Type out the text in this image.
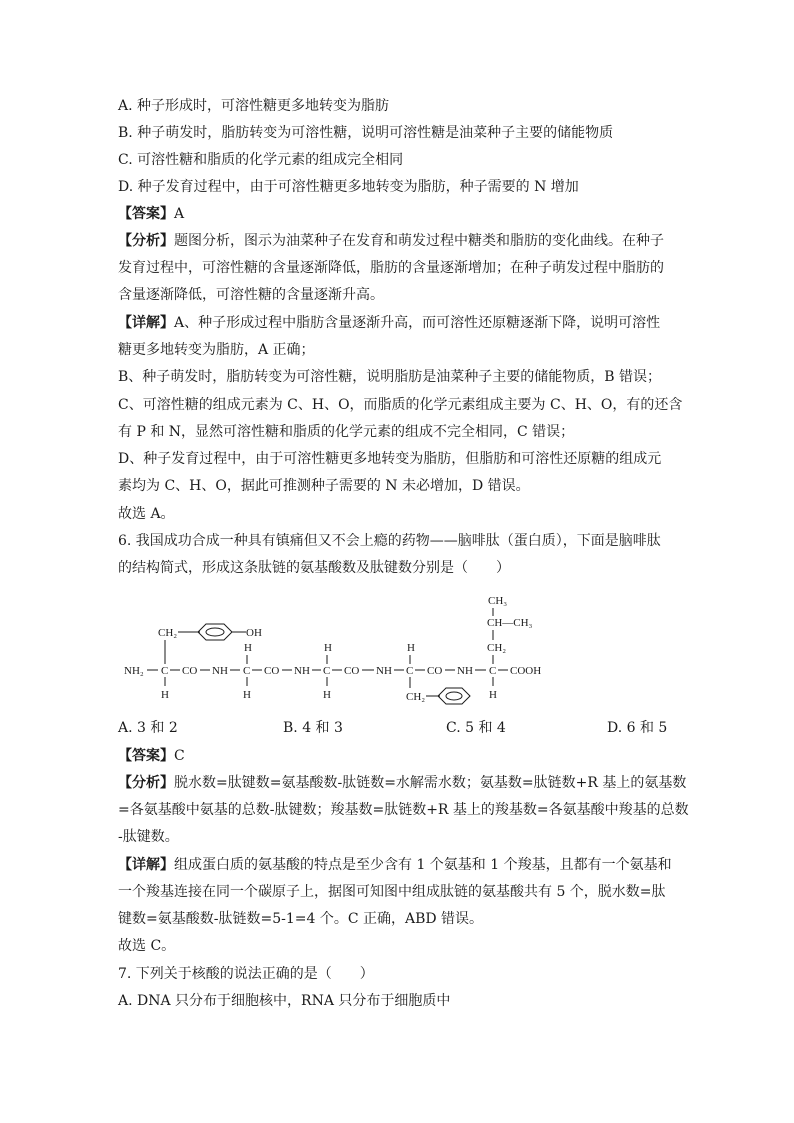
A. 种子形成时，可溶性糖更多地转变为脂肪
B. 种子萌发时，脂肪转变为可溶性糖，说明可溶性糖是油菜种子主要的储能物质
C. 可溶性糖和脂质的化学元素的组成完全相同
D. 种子发育过程中，由于可溶性糖更多地转变为脂肪，种子需要的 N 增加
【答案】A
【分析】题图分析，图示为油菜种子在发育和萌发过程中糖类和脂肪的变化曲线。在种子
发育过程中，可溶性糖的含量逐渐降低，脂肪的含量逐渐增加；在种子萌发过程中脂肪的
含量逐渐降低，可溶性糖的含量逐渐升高。
【详解】A、种子形成过程中脂肪含量逐渐升高，而可溶性还原糖逐渐下降，说明可溶性
糖更多地转变为脂肪，A 正确；
B、种子萌发时，脂肪转变为可溶性糖，说明脂肪是油菜种子主要的储能物质，B 错误；
C、可溶性糖的组成元素为 C、H、O，而脂质的化学元素组成主要为 C、H、O，有的还含
有 P 和 N，显然可溶性糖和脂质的化学元素的组成不完全相同，C 错误；
D、种子发育过程中，由于可溶性糖更多地转变为脂肪，但脂肪和可溶性还原糖的组成元
素均为 C、H、O，据此可推测种子需要的 N 未必增加，D 错误。
故选 A。
6. 我国成功合成一种具有镇痛但又不会上瘾的药物——脑啡肽（蛋白质），下面是脑啡肽
的结构简式，形成这条肽链的氨基酸数及肽键数分别是（　　）
CH₂	OH
CH₃
CH—CH₃
CH₂
H	H	H
NH₂ C CO NH C CO NH C CO NH C CO NH C COOH
H	H	H	H
CH₂
A. 3 和 2	B. 4 和 3	C. 5 和 4	D. 6 和 5
【答案】C
【分析】脱水数=肽键数=氨基酸数-肽链数=水解需水数；氨基数=肽链数+R 基上的氨基数
=各氨基酸中氨基的总数-肽键数；羧基数=肽链数+R 基上的羧基数=各氨基酸中羧基的总数
-肽键数。
【详解】组成蛋白质的氨基酸的特点是至少含有 1 个氨基和 1 个羧基，且都有一个氨基和
一个羧基连接在同一个碳原子上，据图可知图中组成肽链的氨基酸共有 5 个，脱水数=肽
键数=氨基酸数-肽链数=5-1=4 个。C 正确，ABD 错误。
故选 C。
7. 下列关于核酸的说法正确的是（　　）
A. DNA 只分布于细胞核中，RNA 只分布于细胞质中
